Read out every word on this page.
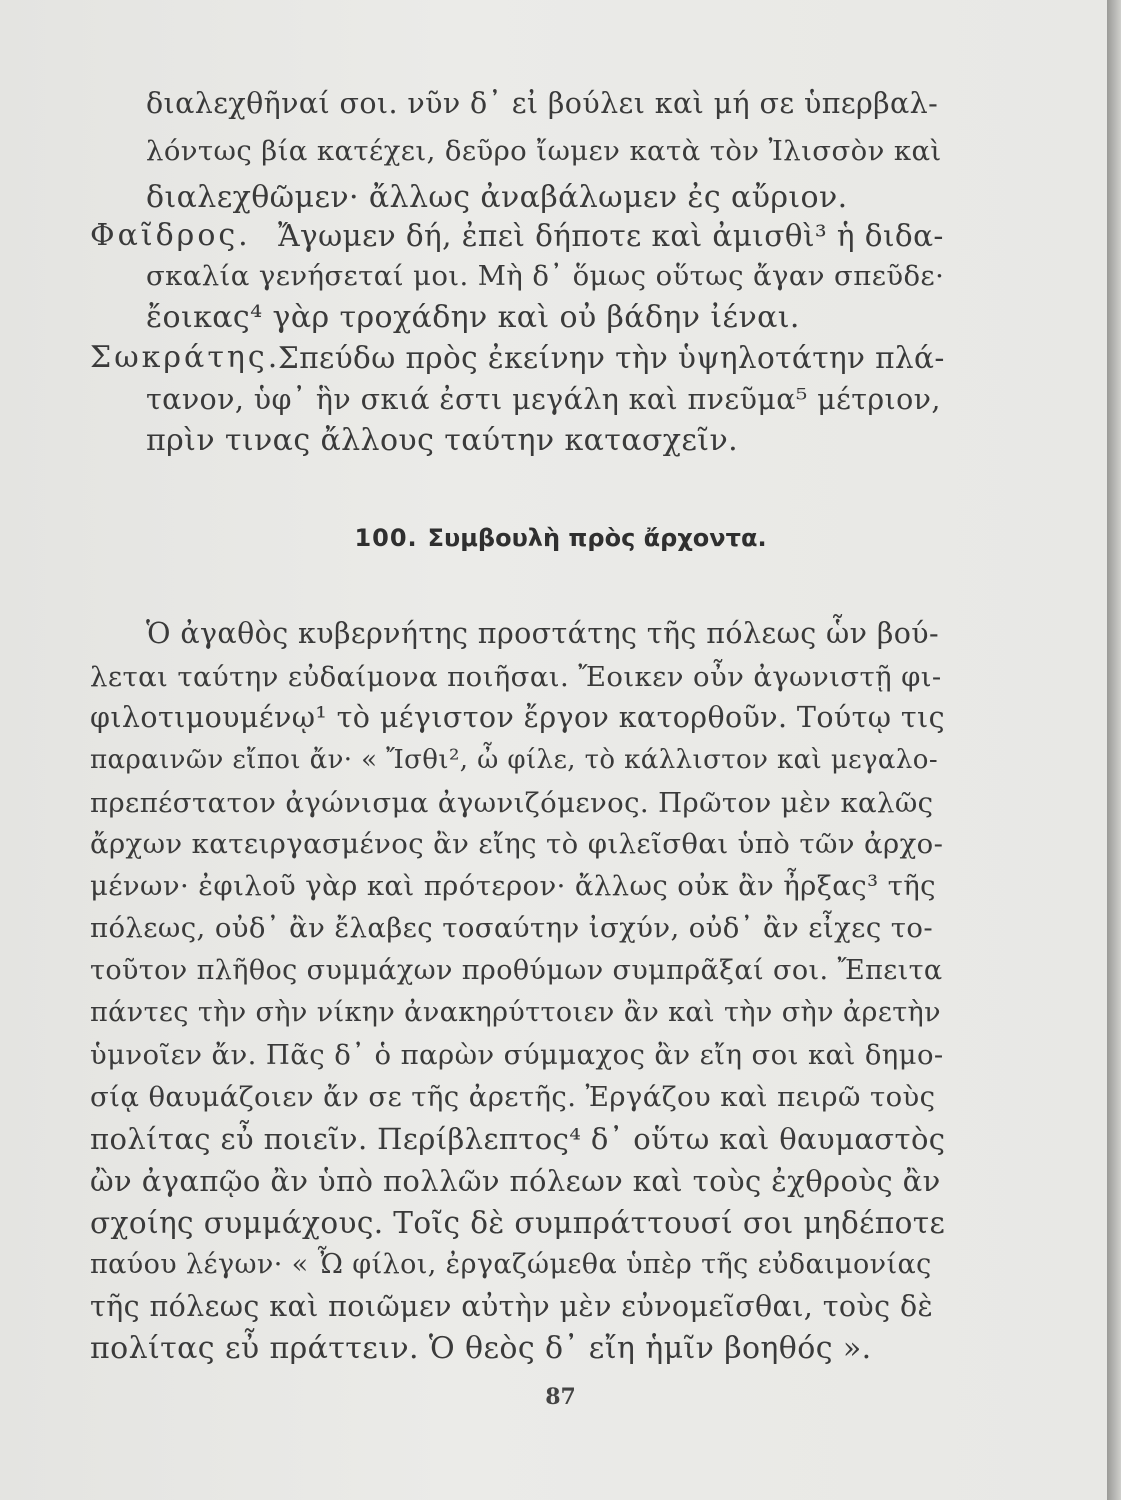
διαλεχθῆναί σοι. νῦν δ᾽ εἰ βούλει καὶ μή σε ὑπερβαλ-
λόντως βία κατέχει, δεῦρο ἴωμεν κατὰ τὸν Ἰλισσὸν καὶ
διαλεχθῶμεν· ἄλλως ἀναβάλωμεν ἐς αὔριον.
Φαῖδρος. Ἄγωμεν δή, ἐπεὶ δήποτε καὶ ἀμισθὶ³ ἡ διδα-
σκαλία γενήσεταί μοι. Μὴ δ᾽ ὅμως οὕτως ἄγαν σπεῦδε·
ἔοικας⁴ γὰρ τροχάδην καὶ οὐ βάδην ἰέναι.
Σωκράτης.
Σπεύδω πρὸς ἐκείνην τὴν ὑψηλοτάτην πλά-
τανον, ὑφ᾽ ἣν σκιά ἐστι μεγάλη καὶ πνεῦμα⁵ μέτριον,
πρὶν τινας ἄλλους ταύτην κατασχεῖν.
100. Συμβουλὴ πρὸς ἄρχοντα.
Ὁ ἀγαθὸς κυβερνήτης προστάτης τῆς πόλεως ὧν βού-
λεται ταύτην εὐδαίμονα ποιῆσαι. Ἔοικεν οὖν ἀγωνιστῇ φι-
φιλοτιμουμένῳ¹ τὸ μέγιστον ἔργον κατορθοῦν. Τούτῳ τις
παραινῶν εἴποι ἄν· « Ἴσθι², ὦ φίλε, τὸ κάλλιστον καὶ μεγαλο-
πρεπέστατον ἀγώνισμα ἀγωνιζόμενος. Πρῶτον μὲν καλῶς
ἄρχων κατειργασμένος ἂν εἴης τὸ φιλεῖσθαι ὑπὸ τῶν ἀρχο-
μένων· ἐφιλοῦ γὰρ καὶ πρότερον· ἄλλως οὐκ ἂν ἦρξας³ τῆς
πόλεως, οὐδ᾽ ἂν ἔλαβες τοσαύτην ἰσχύν, οὐδ᾽ ἂν εἶχες το-
τοῦτον πλῆθος συμμάχων προθύμων συμπρᾶξαί σοι. Ἔπειτα
πάντες τὴν σὴν νίκην ἀνακηρύττοιεν ἂν καὶ τὴν σὴν ἀρετὴν
ὑμνοῖεν ἄν. Πᾶς δ᾽ ὁ παρὼν σύμμαχος ἂν εἴη σοι καὶ δημο-
σίᾳ θαυμάζοιεν ἄν σε τῆς ἀρετῆς. Ἐργάζου καὶ πειρῶ τοὺς
πολίτας εὖ ποιεῖν. Περίβλεπτος⁴ δ᾽ οὕτω καὶ θαυμαστὸς
ὢν ἀγαπῷο ἂν ὑπὸ πολλῶν πόλεων καὶ τοὺς ἐχθροὺς ἂν
σχοίης συμμάχους. Τοῖς δὲ συμπράττουσί σοι μηδέποτε
παύου λέγων· « Ὦ φίλοι, ἐργαζώμεθα ὑπὲρ τῆς εὐδαιμονίας
τῆς πόλεως καὶ ποιῶμεν αὐτὴν μὲν εὐνομεῖσθαι, τοὺς δὲ
πολίτας εὖ πράττειν. Ὁ θεὸς δ᾽ εἴη ἡμῖν βοηθός ».
87
